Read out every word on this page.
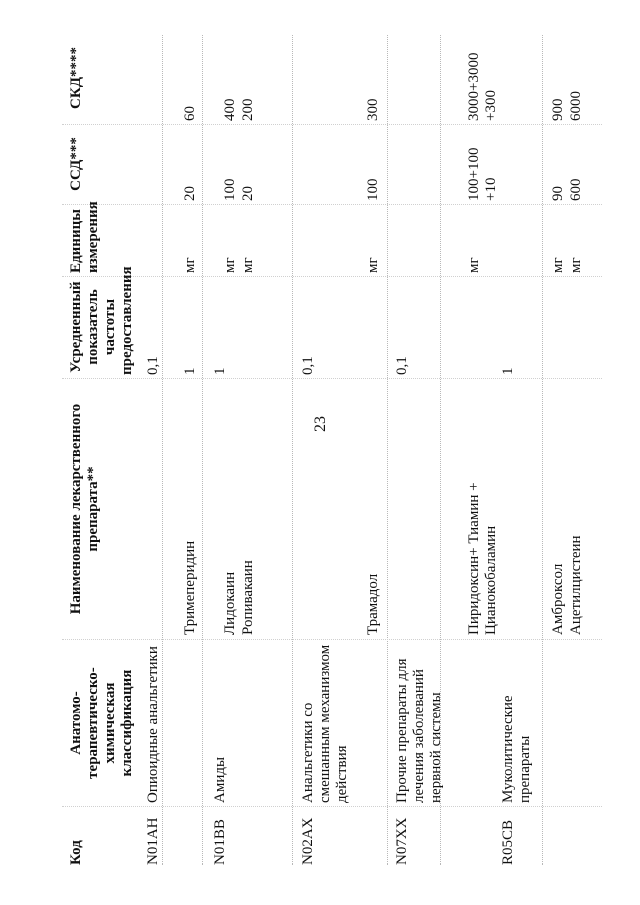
23
Код
Анатомо-терапевтическо-химическая классификация
Наименование лекарственного препарата**
Усредненный показатель частоты предоставления
Единицы измерения
ССД***
СКД****
N01AH
Опиоидные анальгетики
0,1
Тримеперидин
1
мг
20
60
N01BB
Амиды
1
Лидокаин
мг
100
400
Ропивакаин
мг
20
200
N02AX
Анальгетики со смешанным механизмом действия
0,1
Трамадол
мг
100
300
N07XX
Прочие препараты для лечения заболеваний нервной системы
0,1
Пиридоксин+ Тиамин + Цианокобаламин
мг
100+100 +10
3000+3000 +300
R05CB
Муколитические препараты
1
Амброксол
мг
90
900
Ацетилцистеин
мг
600
6000
